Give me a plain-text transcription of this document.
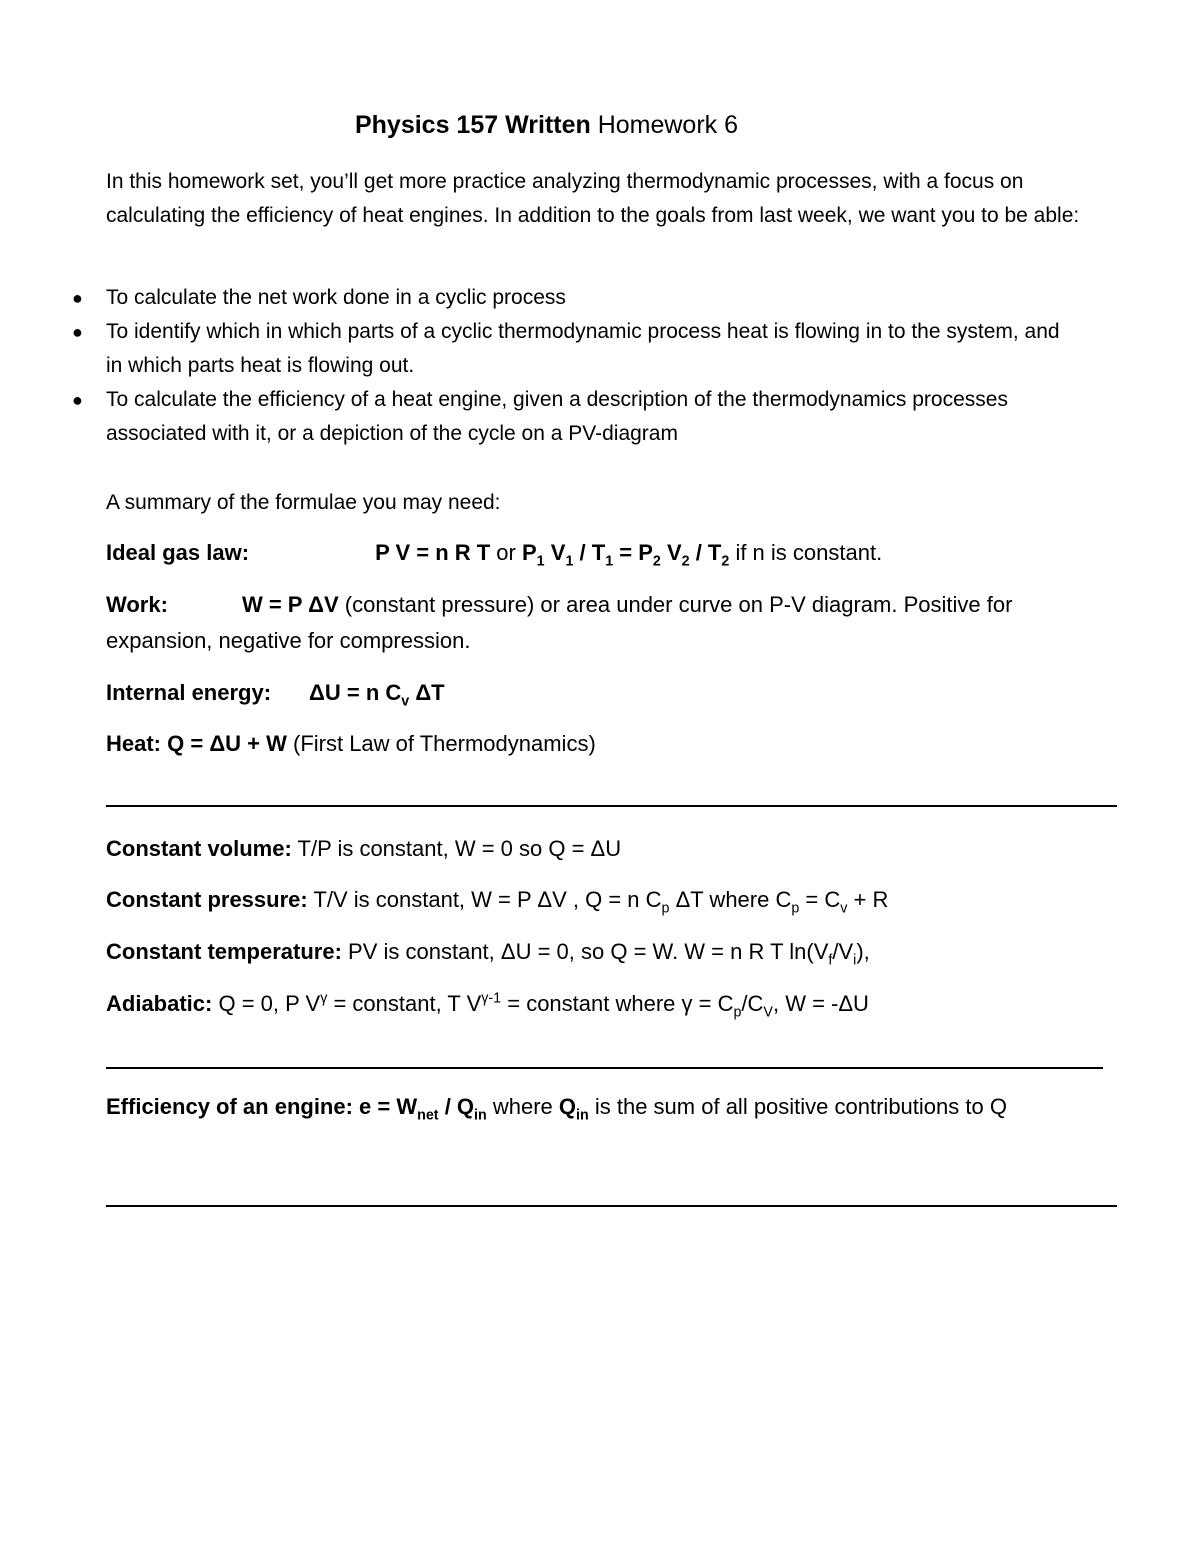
Physics 157 Written Homework 6
In this homework set, you’ll get more practice analyzing thermodynamic processes, with a focus on calculating the efficiency of heat engines. In addition to the goals from last week, we want you to be able:
● To calculate the net work done in a cyclic process
● To identify which in which parts of a cyclic thermodynamic process heat is flowing in to the system, and in which parts heat is flowing out.
● To calculate the efficiency of a heat engine, given a description of the thermodynamics processes associated with it, or a depiction of the cycle on a PV-diagram
A summary of the formulae you may need:
Ideal gas law:	P V = n R T or $P_1$ $V_1 / T_1 = P_2$ $V_2 / T_2$ if n is constant.
Work:	W = P ΔV (constant pressure) or area under curve on P-V diagram. Positive for expansion, negative for compression.
Internal energy: ΔU = n $C_v$ ΔT
Heat: Q = ΔU + W (First Law of Thermodynamics)
Constant volume: T/P is constant, W = 0 so Q = ΔU
Constant pressure: T/V is constant, W = P ΔV , Q = n $C_p$ ΔT where $C_p = C_v + R$
Constant temperature: PV is constant, ΔU = 0, so Q = W. W = n R T $\ln(V_f/V_i)$,
Adiabatic: Q = 0, P $V^\gamma$ = constant, T $V^{\gamma-1}$ = constant where $\gamma = C_p/C_V$, W = -ΔU
Efficiency of an engine: $e = W_{net} / Q_{in}$ where $Q_{in}$ is the sum of all positive contributions to Q
